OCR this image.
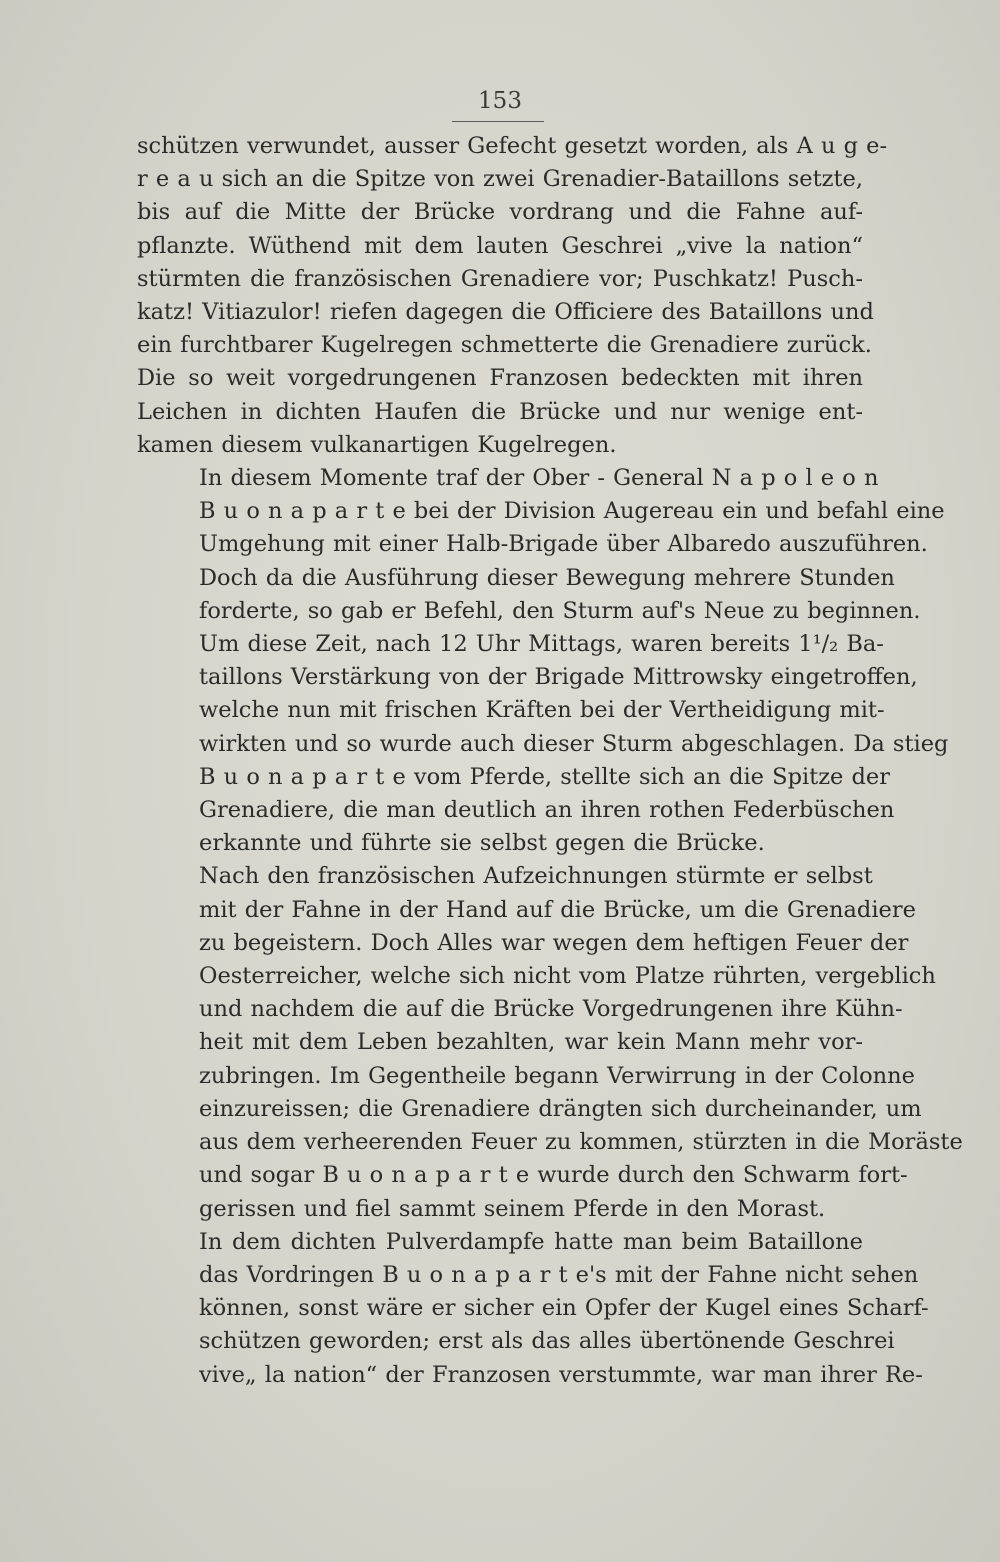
153
schützen verwundet, ausser Gefecht gesetzt worden, als A u g e-
r e a u sich an die Spitze von zwei Grenadier-Bataillons setzte,
bis auf die Mitte der Brücke vordrang und die Fahne auf-
pflanzte. Wüthend mit dem lauten Geschrei „vive la nation“
stürmten die französischen Grenadiere vor; Puschkatz! Pusch-
katz! Vitiazulor! riefen dagegen die Officiere des Bataillons und
ein furchtbarer Kugelregen schmetterte die Grenadiere zurück.
Die so weit vorgedrungenen Franzosen bedeckten mit ihren
Leichen in dichten Haufen die Brücke und nur wenige ent-
kamen diesem vulkanartigen Kugelregen.
In diesem Momente traf der Ober - General N a p o l e o n
B u o n a p a r t e bei der Division Augereau ein und befahl eine
Umgehung mit einer Halb-Brigade über Albaredo auszuführen.
Doch da die Ausführung dieser Bewegung mehrere Stunden
forderte, so gab er Befehl, den Sturm auf's Neue zu beginnen.
Um diese Zeit, nach 12 Uhr Mittags, waren bereits 1¹/₂ Ba-
taillons Verstärkung von der Brigade Mittrowsky eingetroffen,
welche nun mit frischen Kräften bei der Vertheidigung mit-
wirkten und so wurde auch dieser Sturm abgeschlagen. Da stieg
B u o n a p a r t e vom Pferde, stellte sich an die Spitze der
Grenadiere, die man deutlich an ihren rothen Federbüschen
erkannte und führte sie selbst gegen die Brücke.
Nach den französischen Aufzeichnungen stürmte er selbst
mit der Fahne in der Hand auf die Brücke, um die Grenadiere
zu begeistern. Doch Alles war wegen dem heftigen Feuer der
Oesterreicher, welche sich nicht vom Platze rührten, vergeblich
und nachdem die auf die Brücke Vorgedrungenen ihre Kühn-
heit mit dem Leben bezahlten, war kein Mann mehr vor-
zubringen. Im Gegentheile begann Verwirrung in der Colonne
einzureissen; die Grenadiere drängten sich durcheinander, um
aus dem verheerenden Feuer zu kommen, stürzten in die Moräste
und sogar B u o n a p a r t e wurde durch den Schwarm fort-
gerissen und fiel sammt seinem Pferde in den Morast.
In dem dichten Pulverdampfe hatte man beim Bataillone
das Vordringen B u o n a p a r t e's mit der Fahne nicht sehen
können, sonst wäre er sicher ein Opfer der Kugel eines Scharf-
schützen geworden; erst als das alles übertönende Geschrei
vive„ la nation“ der Franzosen verstummte, war man ihrer Re-
